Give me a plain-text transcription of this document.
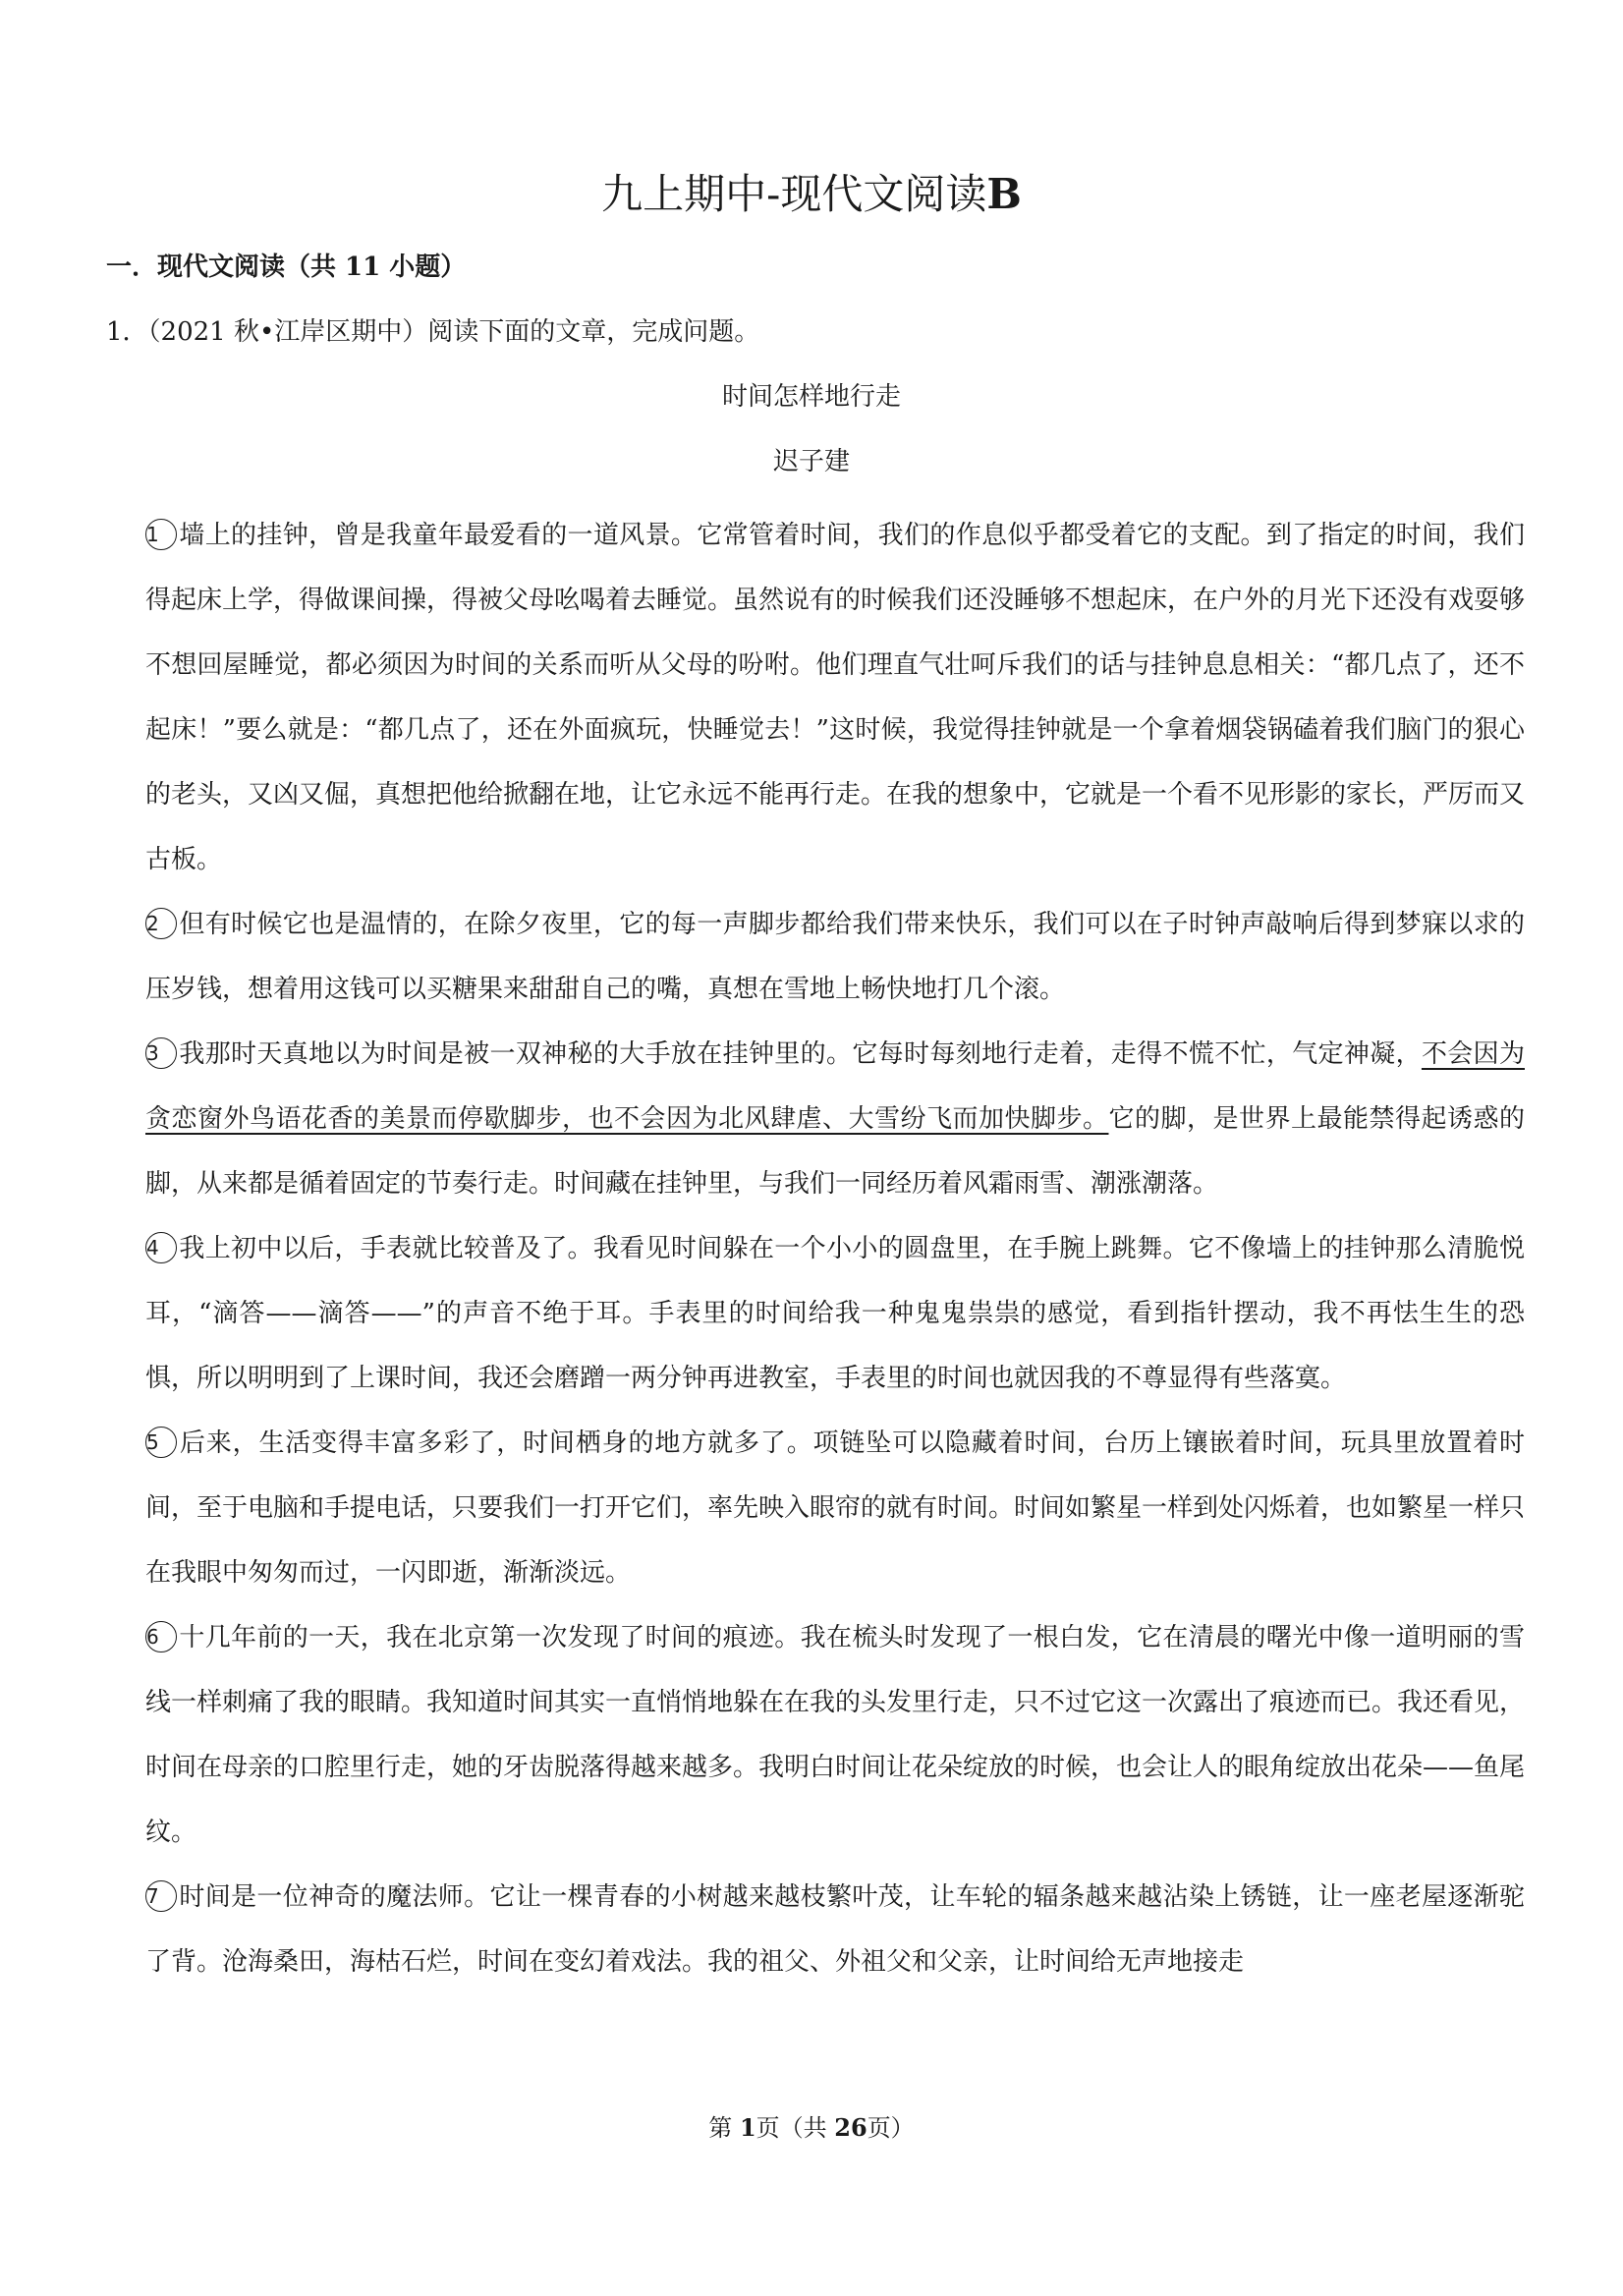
九上期中-现代文阅读B

一．现代文阅读（共 11 小题）

1．（2021 秋•江岸区期中）阅读下面的文章，完成问题。

时间怎样地行走

迟子建

1 墙上的挂钟，曾是我童年最爱看的一道风景。它常管着时间，我们的作息似乎都受着它的支配。到了指定的时间，我们得起床上学，得做课间操，得被父母吆喝着去睡觉。虽然说有的时候我们还没睡够不想起床，在户外的月光下还没有戏耍够不想回屋睡觉，都必须因为时间的关系而听从父母的吩咐。他们理直气壮呵斥我们的话与挂钟息息相关：“都几点了，还不起床！”要么就是：“都几点了，还在外面疯玩，快睡觉去！”这时候，我觉得挂钟就是一个拿着烟袋锅磕着我们脑门的狠心的老头，又凶又倔，真想把他给掀翻在地，让它永远不能再行走。在我的想象中，它就是一个看不见形影的家长，严厉而又古板。

2 但有时候它也是温情的，在除夕夜里，它的每一声脚步都给我们带来快乐，我们可以在子时钟声敲响后得到梦寐以求的压岁钱，想着用这钱可以买糖果来甜甜自己的嘴，真想在雪地上畅快地打几个滚。

3 我那时天真地以为时间是被一双神秘的大手放在挂钟里的。它每时每刻地行走着，走得不慌不忙，气定神凝，不会因为贪恋窗外鸟语花香的美景而停歇脚步，也不会因为北风肆虐、大雪纷飞而加快脚步。它的脚，是世界上最能禁得起诱惑的脚，从来都是循着固定的节奏行走。时间藏在挂钟里，与我们一同经历着风霜雨雪、潮涨潮落。

4 我上初中以后，手表就比较普及了。我看见时间躲在一个小小的圆盘里，在手腕上跳舞。它不像墙上的挂钟那么清脆悦耳，“滴答——滴答——”的声音不绝于耳。手表里的时间给我一种鬼鬼祟祟的感觉，看到指针摆动，我不再怯生生的恐惧，所以明明到了上课时间，我还会磨蹭一两分钟再进教室，手表里的时间也就因我的不尊显得有些落寞。

5 后来，生活变得丰富多彩了，时间栖身的地方就多了。项链坠可以隐藏着时间，台历上镶嵌着时间，玩具里放置着时间，至于电脑和手提电话，只要我们一打开它们，率先映入眼帘的就有时间。时间如繁星一样到处闪烁着，也如繁星一样只在我眼中匆匆而过，一闪即逝，渐渐淡远。

6 十几年前的一天，我在北京第一次发现了时间的痕迹。我在梳头时发现了一根白发，它在清晨的曙光中像一道明丽的雪线一样刺痛了我的眼睛。我知道时间其实一直悄悄地躲在在我的头发里行走，只不过它这一次露出了痕迹而已。我还看见，时间在母亲的口腔里行走，她的牙齿脱落得越来越多。我明白时间让花朵绽放的时候，也会让人的眼角绽放出花朵——鱼尾纹。

7 时间是一位神奇的魔法师。它让一棵青春的小树越来越枝繁叶茂，让车轮的辐条越来越沾染上锈链，让一座老屋逐渐驼了背。沧海桑田，海枯石烂，时间在变幻着戏法。我的祖父、外祖父和父亲，让时间给无声地接走

第 1页（共 26页）
